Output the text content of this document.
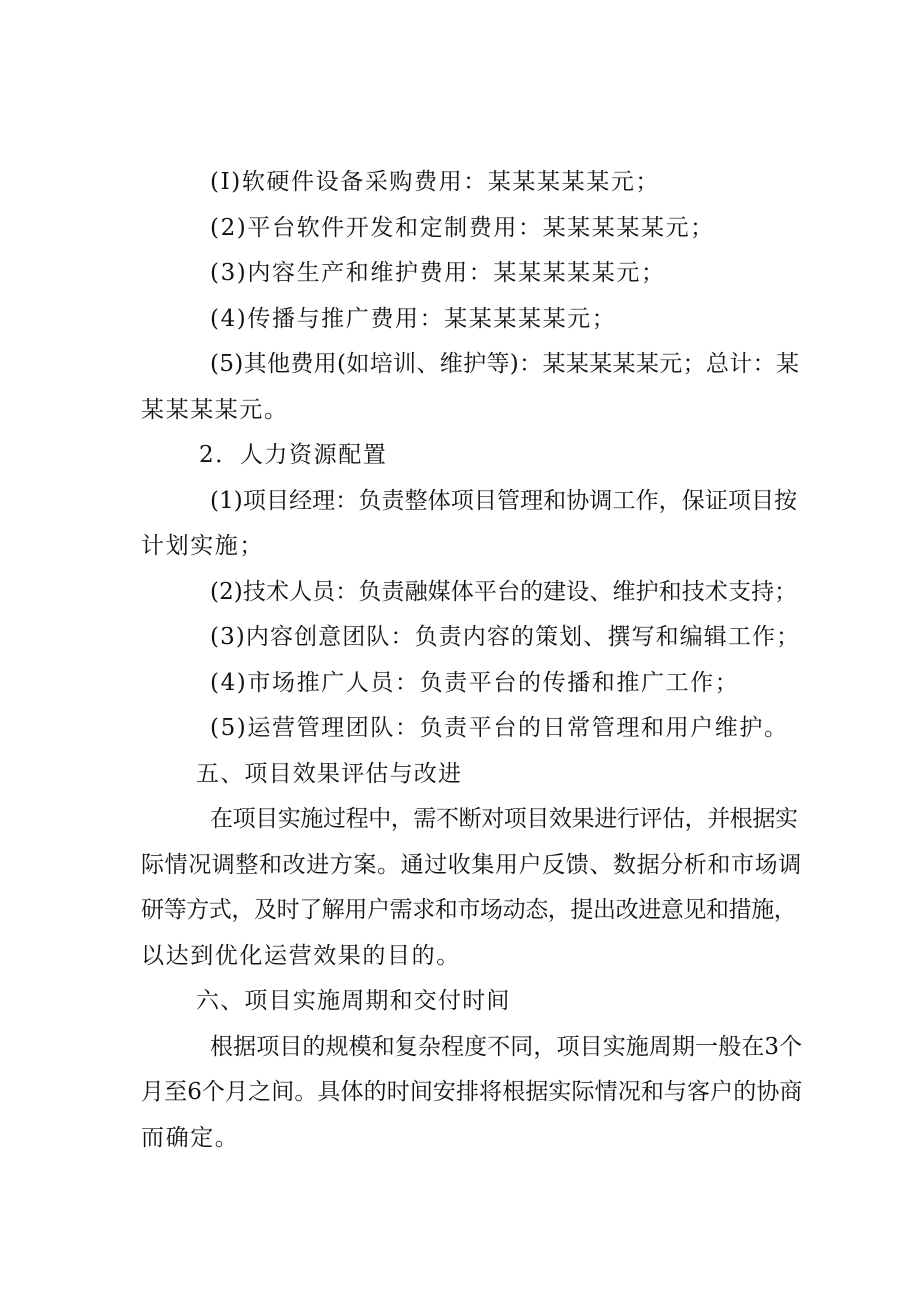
(I)软硬件设备采购费用：某某某某某元；

(2)平台软件开发和定制费用：某某某某某元；

(3)内容生产和维护费用：某某某某某元；

(4)传播与推广费用：某某某某某元；

(5)其他费用(如培训、维护等)：某某某某某元；总计：某

某某某某元。

2．人力资源配置

(1)项目经理：负责整体项目管理和协调工作，保证项目按

计划实施；

(2)技术人员：负责融媒体平台的建设、维护和技术支持；

(3)内容创意团队：负责内容的策划、撰写和编辑工作；

(4)市场推广人员：负责平台的传播和推广工作；

(5)运营管理团队：负责平台的日常管理和用户维护。

五、项目效果评估与改进

在项目实施过程中，需不断对项目效果进行评估，并根据实

际情况调整和改进方案。通过收集用户反馈、数据分析和市场调

研等方式，及时了解用户需求和市场动态，提出改进意见和措施，

以达到优化运营效果的目的。

六、项目实施周期和交付时间

根据项目的规模和复杂程度不同，项目实施周期一般在3个

月至6个月之间。具体的时间安排将根据实际情况和与客户的协商

而确定。
